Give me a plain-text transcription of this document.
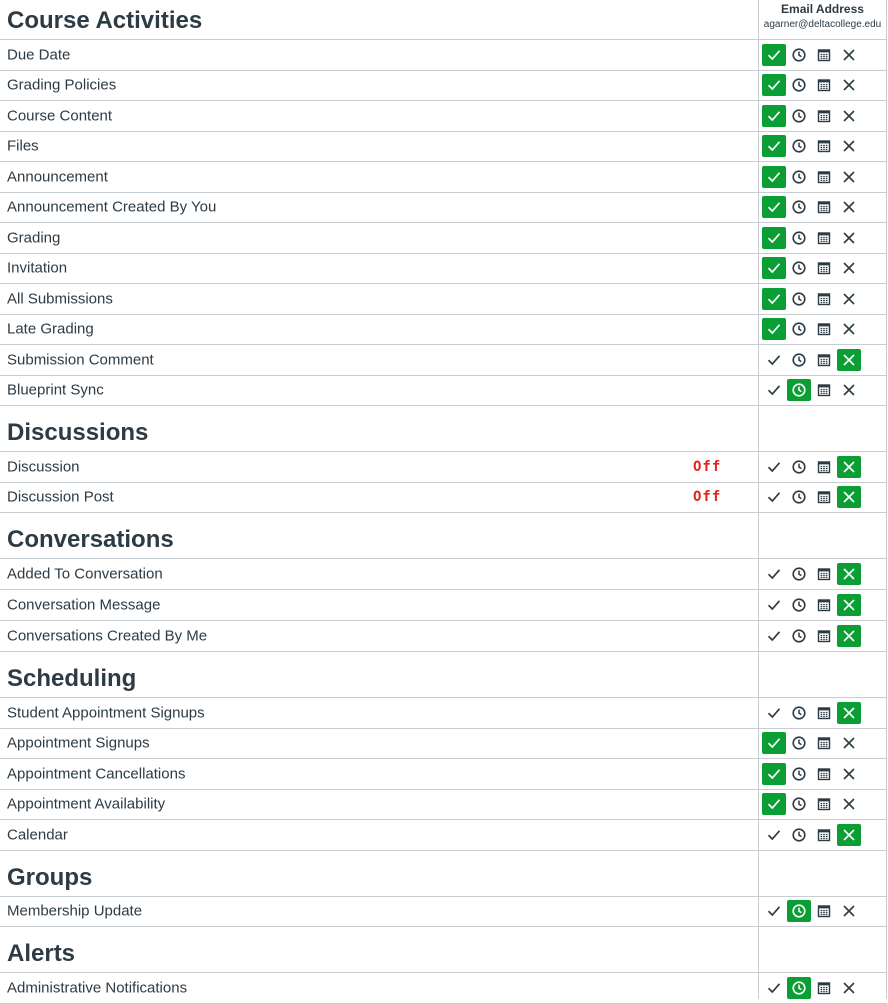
Email Address
agarner@deltacollege.edu
Course Activities
Due Date
Grading Policies
Course Content
Files
Announcement
Announcement Created By You
Grading
Invitation
All Submissions
Late Grading
Submission Comment
Blueprint Sync
Discussions
Discussion	Off
Discussion Post	Off
Conversations
Added To Conversation
Conversation Message
Conversations Created By Me
Scheduling
Student Appointment Signups
Appointment Signups
Appointment Cancellations
Appointment Availability
Calendar
Groups
Membership Update
Alerts
Administrative Notifications
